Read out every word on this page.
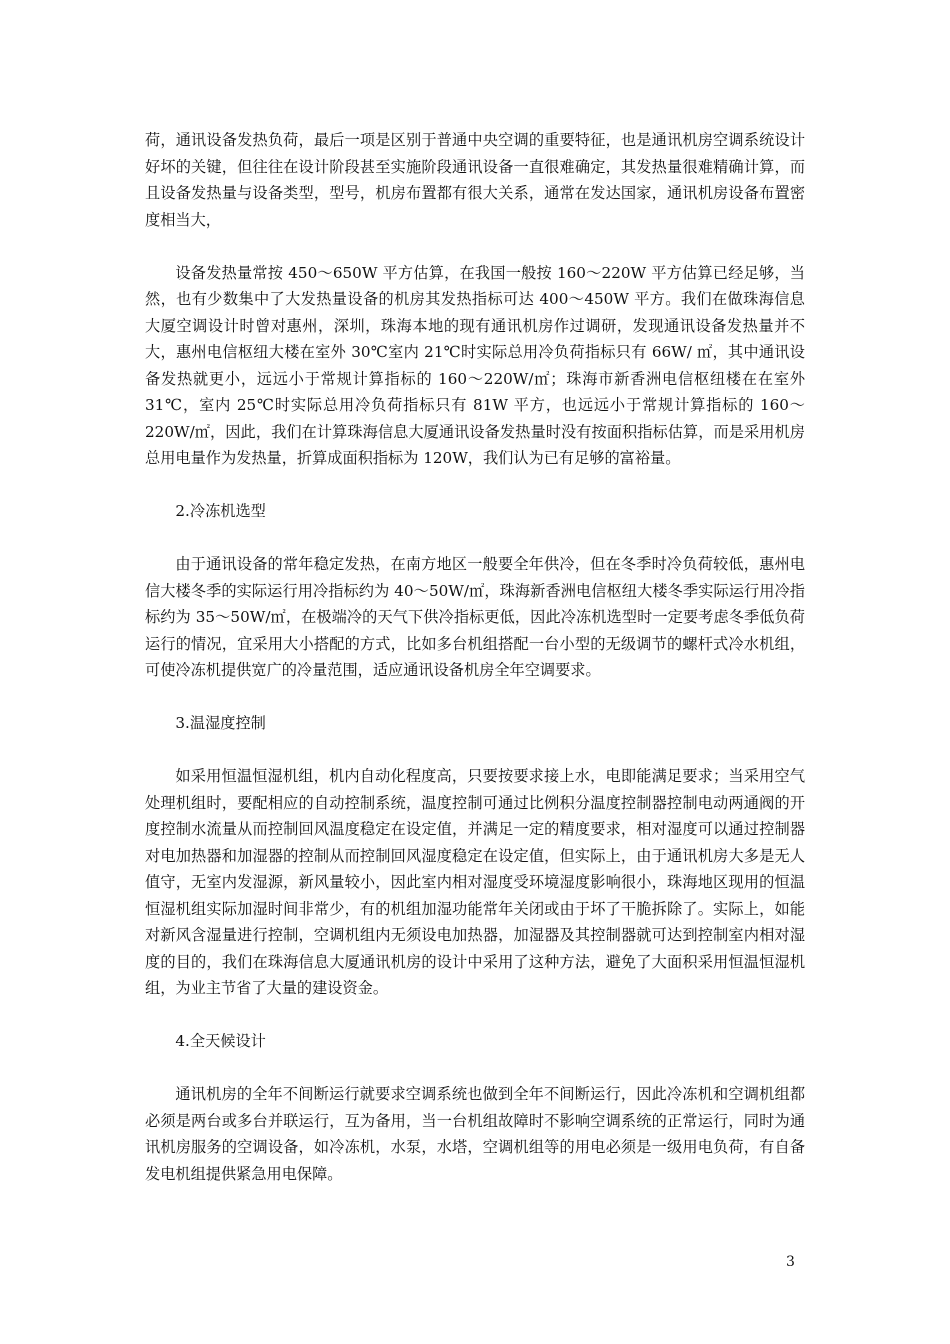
荷，通讯设备发热负荷，最后一项是区别于普通中央空调的重要特征，也是通讯机房空调系统设计好坏的关键，但往往在设计阶段甚至实施阶段通讯设备一直很难确定，其发热量很难精确计算，而且设备发热量与设备类型，型号，机房布置都有很大关系，通常在发达国家，通讯机房设备布置密度相当大，

设备发热量常按 450～650W 平方估算，在我国一般按 160～220W 平方估算已经足够，当然，也有少数集中了大发热量设备的机房其发热指标可达 400～450W 平方。我们在做珠海信息大厦空调设计时曾对惠州，深圳，珠海本地的现有通讯机房作过调研，发现通讯设备发热量并不大，惠州电信枢纽大楼在室外 30℃室内 21℃时实际总用冷负荷指标只有 66W/ ㎡，其中通讯设备发热就更小，远远小于常规计算指标的 160～220W/㎡；珠海市新香洲电信枢纽楼在在室外 31℃，室内 25℃时实际总用冷负荷指标只有 81W 平方，也远远小于常规计算指标的 160～220W/㎡，因此，我们在计算珠海信息大厦通讯设备发热量时没有按面积指标估算，而是采用机房总用电量作为发热量，折算成面积指标为 120W，我们认为已有足够的富裕量。

2.冷冻机选型

由于通讯设备的常年稳定发热，在南方地区一般要全年供冷，但在冬季时冷负荷较低，惠州电信大楼冬季的实际运行用冷指标约为 40～50W/㎡，珠海新香洲电信枢纽大楼冬季实际运行用冷指标约为 35～50W/㎡，在极端冷的天气下供冷指标更低，因此冷冻机选型时一定要考虑冬季低负荷运行的情况，宜采用大小搭配的方式，比如多台机组搭配一台小型的无级调节的螺杆式冷水机组，可使冷冻机提供宽广的冷量范围，适应通讯设备机房全年空调要求。

3.温湿度控制

如采用恒温恒湿机组，机内自动化程度高，只要按要求接上水，电即能满足要求；当采用空气处理机组时，要配相应的自动控制系统，温度控制可通过比例积分温度控制器控制电动两通阀的开度控制水流量从而控制回风温度稳定在设定值，并满足一定的精度要求，相对湿度可以通过控制器对电加热器和加湿器的控制从而控制回风湿度稳定在设定值，但实际上，由于通讯机房大多是无人值守，无室内发湿源，新风量较小，因此室内相对湿度受环境湿度影响很小，珠海地区现用的恒温恒湿机组实际加湿时间非常少，有的机组加湿功能常年关闭或由于坏了干脆拆除了。实际上，如能对新风含湿量进行控制，空调机组内无须设电加热器，加湿器及其控制器就可达到控制室内相对湿度的目的，我们在珠海信息大厦通讯机房的设计中采用了这种方法，避免了大面积采用恒温恒湿机组，为业主节省了大量的建设资金。

4.全天候设计

通讯机房的全年不间断运行就要求空调系统也做到全年不间断运行，因此冷冻机和空调机组都必须是两台或多台并联运行，互为备用，当一台机组故障时不影响空调系统的正常运行，同时为通讯机房服务的空调设备，如冷冻机，水泵，水塔，空调机组等的用电必须是一级用电负荷，有自备发电机组提供紧急用电保障。

3
